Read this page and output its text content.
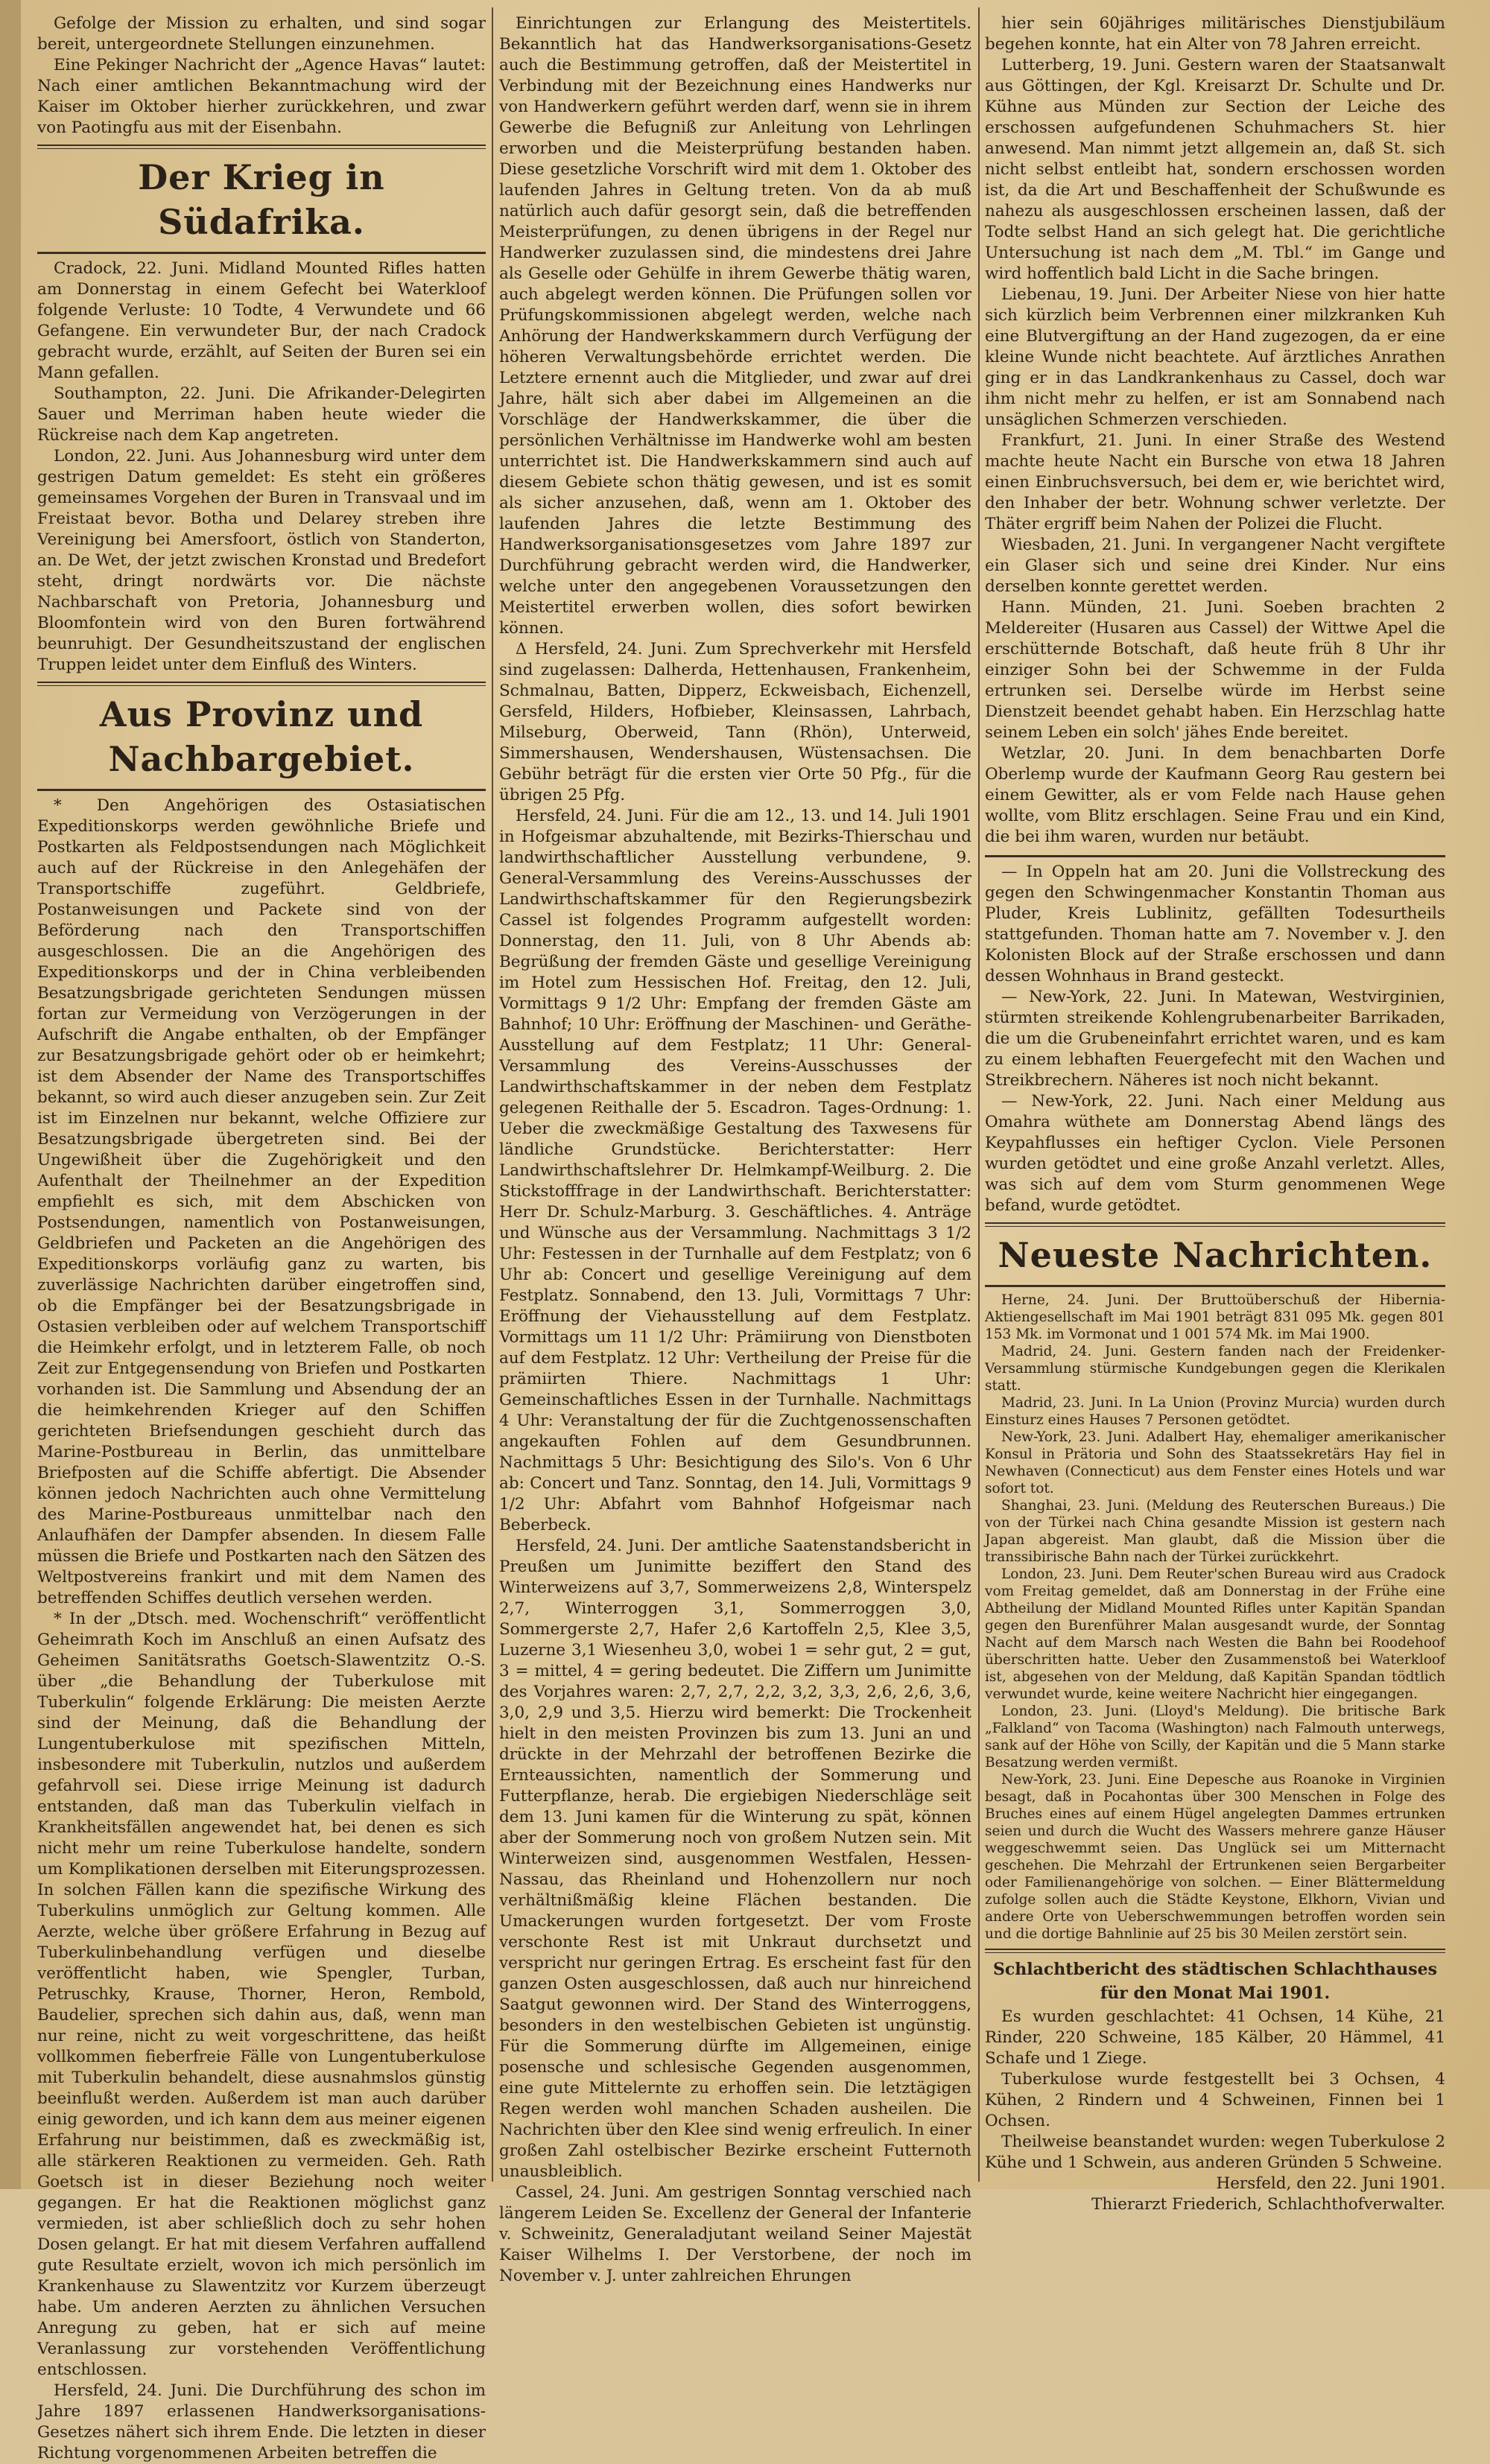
Gefolge der Mission zu erhalten, und sind sogar bereit, untergeordnete Stellungen einzunehmen.

Eine Pekinger Nachricht der „Agence Havas“ lautet: Nach einer amtlichen Bekanntmachung wird der Kaiser im Oktober hierher zurückkehren, und zwar von Paotingfu aus mit der Eisenbahn.

Der Krieg in Südafrika.

Cradock, 22. Juni. Midland Mounted Rifles hatten am Donnerstag in einem Gefecht bei Waterkloof folgende Verluste: 10 Todte, 4 Verwundete und 66 Gefangene. Ein verwundeter Bur, der nach Cradock gebracht wurde, erzählt, auf Seiten der Buren sei ein Mann gefallen.

Southampton, 22. Juni. Die Afrikander-Delegirten Sauer und Merriman haben heute wieder die Rückreise nach dem Kap angetreten.

London, 22. Juni. Aus Johannesburg wird unter dem gestrigen Datum gemeldet: Es steht ein größeres gemeinsames Vorgehen der Buren in Transvaal und im Freistaat bevor. Botha und Delarey streben ihre Vereinigung bei Amersfoort, östlich von Standerton, an. De Wet, der jetzt zwischen Kronstad und Bredefort steht, dringt nordwärts vor. Die nächste Nachbarschaft von Pretoria, Johannesburg und Bloomfontein wird von den Buren fortwährend beunruhigt. Der Gesundheitszustand der englischen Truppen leidet unter dem Einfluß des Winters.

Aus Provinz und Nachbargebiet.

* Den Angehörigen des Ostasiatischen Expeditionskorps werden gewöhnliche Briefe und Postkarten als Feldpostsendungen nach Möglichkeit auch auf der Rückreise in den Anlegehäfen der Transportschiffe zugeführt. Geldbriefe, Postanweisungen und Packete sind von der Beförderung nach den Transportschiffen ausgeschlossen. Die an die Angehörigen des Expeditionskorps und der in China verbleibenden Besatzungsbrigade gerichteten Sendungen müssen fortan zur Vermeidung von Verzögerungen in der Aufschrift die Angabe enthalten, ob der Empfänger zur Besatzungsbrigade gehört oder ob er heimkehrt; ist dem Absender der Name des Transportschiffes bekannt, so wird auch dieser anzugeben sein. Zur Zeit ist im Einzelnen nur bekannt, welche Offiziere zur Besatzungsbrigade übergetreten sind. Bei der Ungewißheit über die Zugehörigkeit und den Aufenthalt der Theilnehmer an der Expedition empfiehlt es sich, mit dem Abschicken von Postsendungen, namentlich von Postanweisungen, Geldbriefen und Packeten an die Angehörigen des Expeditionskorps vorläufig ganz zu warten, bis zuverlässige Nachrichten darüber eingetroffen sind, ob die Empfänger bei der Besatzungsbrigade in Ostasien verbleiben oder auf welchem Transportschiff die Heimkehr erfolgt, und in letzterem Falle, ob noch Zeit zur Entgegensendung von Briefen und Postkarten vorhanden ist. Die Sammlung und Absendung der an die heimkehrenden Krieger auf den Schiffen gerichteten Briefsendungen geschieht durch das Marine-Postbureau in Berlin, das unmittelbare Briefposten auf die Schiffe abfertigt. Die Absender können jedoch Nachrichten auch ohne Vermittelung des Marine-Postbureaus unmittelbar nach den Anlaufhäfen der Dampfer absenden. In diesem Falle müssen die Briefe und Postkarten nach den Sätzen des Weltpostvereins frankirt und mit dem Namen des betreffenden Schiffes deutlich versehen werden.

* In der „Dtsch. med. Wochenschrift“ veröffentlicht Geheimrath Koch im Anschluß an einen Aufsatz des Geheimen Sanitätsraths Goetsch-Slawentzitz O.-S. über „die Behandlung der Tuberkulose mit Tuberkulin“ folgende Erklärung: Die meisten Aerzte sind der Meinung, daß die Behandlung der Lungentuberkulose mit spezifischen Mitteln, insbesondere mit Tuberkulin, nutzlos und außerdem gefahrvoll sei. Diese irrige Meinung ist dadurch entstanden, daß man das Tuberkulin vielfach in Krankheitsfällen angewendet hat, bei denen es sich nicht mehr um reine Tuberkulose handelte, sondern um Komplikationen derselben mit Eiterungsprozessen. In solchen Fällen kann die spezifische Wirkung des Tuberkulins unmöglich zur Geltung kommen. Alle Aerzte, welche über größere Erfahrung in Bezug auf Tuberkulinbehandlung verfügen und dieselbe veröffentlicht haben, wie Spengler, Turban, Petruschky, Krause, Thorner, Heron, Rembold, Baudelier, sprechen sich dahin aus, daß, wenn man nur reine, nicht zu weit vorgeschrittene, das heißt vollkommen fieberfreie Fälle von Lungentuberkulose mit Tuberkulin behandelt, diese ausnahmslos günstig beeinflußt werden. Außerdem ist man auch darüber einig geworden, und ich kann dem aus meiner eigenen Erfahrung nur beistimmen, daß es zweckmäßig ist, alle stärkeren Reaktionen zu vermeiden. Geh. Rath Goetsch ist in dieser Beziehung noch weiter gegangen. Er hat die Reaktionen möglichst ganz vermieden, ist aber schließlich doch zu sehr hohen Dosen gelangt. Er hat mit diesem Verfahren auffallend gute Resultate erzielt, wovon ich mich persönlich im Krankenhause zu Slawentzitz vor Kurzem überzeugt habe. Um anderen Aerzten zu ähnlichen Versuchen Anregung zu geben, hat er sich auf meine Veranlassung zur vorstehenden Veröffentlichung entschlossen.

Hersfeld, 24. Juni. Die Durchführung des schon im Jahre 1897 erlassenen Handwerksorganisations-Gesetzes nähert sich ihrem Ende. Die letzten in dieser Richtung vorgenommenen Arbeiten betreffen die

Einrichtungen zur Erlangung des Meistertitels. Bekanntlich hat das Handwerksorganisations-Gesetz auch die Bestimmung getroffen, daß der Meistertitel in Verbindung mit der Bezeichnung eines Handwerks nur von Handwerkern geführt werden darf, wenn sie in ihrem Gewerbe die Befugniß zur Anleitung von Lehrlingen erworben und die Meisterprüfung bestanden haben. Diese gesetzliche Vorschrift wird mit dem 1. Oktober des laufenden Jahres in Geltung treten. Von da ab muß natürlich auch dafür gesorgt sein, daß die betreffenden Meisterprüfungen, zu denen übrigens in der Regel nur Handwerker zuzulassen sind, die mindestens drei Jahre als Geselle oder Gehülfe in ihrem Gewerbe thätig waren, auch abgelegt werden können. Die Prüfungen sollen vor Prüfungskommissionen abgelegt werden, welche nach Anhörung der Handwerkskammern durch Verfügung der höheren Verwaltungsbehörde errichtet werden. Die Letztere ernennt auch die Mitglieder, und zwar auf drei Jahre, hält sich aber dabei im Allgemeinen an die Vorschläge der Handwerkskammer, die über die persönlichen Verhältnisse im Handwerke wohl am besten unterrichtet ist. Die Handwerkskammern sind auch auf diesem Gebiete schon thätig gewesen, und ist es somit als sicher anzusehen, daß, wenn am 1. Oktober des laufenden Jahres die letzte Bestimmung des Handwerksorganisationsgesetzes vom Jahre 1897 zur Durchführung gebracht werden wird, die Handwerker, welche unter den angegebenen Voraussetzungen den Meistertitel erwerben wollen, dies sofort bewirken können.

Δ Hersfeld, 24. Juni. Zum Sprechverkehr mit Hersfeld sind zugelassen: Dalherda, Hettenhausen, Frankenheim, Schmalnau, Batten, Dipperz, Eckweisbach, Eichenzell, Gersfeld, Hilders, Hofbieber, Kleinsassen, Lahrbach, Milseburg, Oberweid, Tann (Rhön), Unterweid, Simmershausen, Wendershausen, Wüstensachsen. Die Gebühr beträgt für die ersten vier Orte 50 Pfg., für die übrigen 25 Pfg.

Hersfeld, 24. Juni. Für die am 12., 13. und 14. Juli 1901 in Hofgeismar abzuhaltende, mit Bezirks-Thierschau und landwirthschaftlicher Ausstellung verbundene, 9. General-Versammlung des Vereins-Ausschusses der Landwirthschaftskammer für den Regierungsbezirk Cassel ist folgendes Programm aufgestellt worden: Donnerstag, den 11. Juli, von 8 Uhr Abends ab: Begrüßung der fremden Gäste und gesellige Vereinigung im Hotel zum Hessischen Hof. Freitag, den 12. Juli, Vormittags 9 1/2 Uhr: Empfang der fremden Gäste am Bahnhof; 10 Uhr: Eröffnung der Maschinen- und Geräthe-Ausstellung auf dem Festplatz; 11 Uhr: General-Versammlung des Vereins-Ausschusses der Landwirthschaftskammer in der neben dem Festplatz gelegenen Reithalle der 5. Escadron. Tages-Ordnung: 1. Ueber die zweckmäßige Gestaltung des Taxwesens für ländliche Grundstücke. Berichterstatter: Herr Landwirthschaftslehrer Dr. Helmkampf-Weilburg. 2. Die Stickstofffrage in der Landwirthschaft. Berichterstatter: Herr Dr. Schulz-Marburg. 3. Geschäftliches. 4. Anträge und Wünsche aus der Versammlung. Nachmittags 3 1/2 Uhr: Festessen in der Turnhalle auf dem Festplatz; von 6 Uhr ab: Concert und gesellige Vereinigung auf dem Festplatz. Sonnabend, den 13. Juli, Vormittags 7 Uhr: Eröffnung der Viehausstellung auf dem Festplatz. Vormittags um 11 1/2 Uhr: Prämiirung von Dienstboten auf dem Festplatz. 12 Uhr: Vertheilung der Preise für die prämiirten Thiere. Nachmittags 1 Uhr: Gemeinschaftliches Essen in der Turnhalle. Nachmittags 4 Uhr: Veranstaltung der für die Zuchtgenossenschaften angekauften Fohlen auf dem Gesundbrunnen. Nachmittags 5 Uhr: Besichtigung des Silo's. Von 6 Uhr ab: Concert und Tanz. Sonntag, den 14. Juli, Vormittags 9 1/2 Uhr: Abfahrt vom Bahnhof Hofgeismar nach Beberbeck.

Hersfeld, 24. Juni. Der amtliche Saatenstandsbericht in Preußen um Junimitte beziffert den Stand des Winterweizens auf 3,7, Sommerweizens 2,8, Winterspelz 2,7, Winterroggen 3,1, Sommerroggen 3,0, Sommergerste 2,7, Hafer 2,6 Kartoffeln 2,5, Klee 3,5, Luzerne 3,1 Wiesenheu 3,0, wobei 1 = sehr gut, 2 = gut, 3 = mittel, 4 = gering bedeutet. Die Ziffern um Junimitte des Vorjahres waren: 2,7, 2,7, 2,2, 3,2, 3,3, 2,6, 2,6, 3,6, 3,0, 2,9 und 3,5. Hierzu wird bemerkt: Die Trockenheit hielt in den meisten Provinzen bis zum 13. Juni an und drückte in der Mehrzahl der betroffenen Bezirke die Ernteaussichten, namentlich der Sommerung und Futterpflanze, herab. Die ergiebigen Niederschläge seit dem 13. Juni kamen für die Winterung zu spät, können aber der Sommerung noch von großem Nutzen sein. Mit Winterweizen sind, ausgenommen Westfalen, Hessen-Nassau, das Rheinland und Hohenzollern nur noch verhältnißmäßig kleine Flächen bestanden. Die Umackerungen wurden fortgesetzt. Der vom Froste verschonte Rest ist mit Unkraut durchsetzt und verspricht nur geringen Ertrag. Es erscheint fast für den ganzen Osten ausgeschlossen, daß auch nur hinreichend Saatgut gewonnen wird. Der Stand des Winterroggens, besonders in den westelbischen Gebieten ist ungünstig. Für die Sommerung dürfte im Allgemeinen, einige posensche und schlesische Gegenden ausgenommen, eine gute Mittelernte zu erhoffen sein. Die letztägigen Regen werden wohl manchen Schaden ausheilen. Die Nachrichten über den Klee sind wenig erfreulich. In einer großen Zahl ostelbischer Bezirke erscheint Futternoth unausbleiblich.

Cassel, 24. Juni. Am gestrigen Sonntag verschied nach längerem Leiden Se. Excellenz der General der Infanterie v. Schweinitz, Generaladjutant weiland Seiner Majestät Kaiser Wilhelms I. Der Verstorbene, der noch im November v. J. unter zahlreichen Ehrungen

hier sein 60jähriges militärisches Dienstjubiläum begehen konnte, hat ein Alter von 78 Jahren erreicht.

Lutterberg, 19. Juni. Gestern waren der Staatsanwalt aus Göttingen, der Kgl. Kreisarzt Dr. Schulte und Dr. Kühne aus Münden zur Section der Leiche des erschossen aufgefundenen Schuhmachers St. hier anwesend. Man nimmt jetzt allgemein an, daß St. sich nicht selbst entleibt hat, sondern erschossen worden ist, da die Art und Beschaffenheit der Schußwunde es nahezu als ausgeschlossen erscheinen lassen, daß der Todte selbst Hand an sich gelegt hat. Die gerichtliche Untersuchung ist nach dem „M. Tbl.“ im Gange und wird hoffentlich bald Licht in die Sache bringen.

Liebenau, 19. Juni. Der Arbeiter Niese von hier hatte sich kürzlich beim Verbrennen einer milzkranken Kuh eine Blutvergiftung an der Hand zugezogen, da er eine kleine Wunde nicht beachtete. Auf ärztliches Anrathen ging er in das Landkrankenhaus zu Cassel, doch war ihm nicht mehr zu helfen, er ist am Sonnabend nach unsäglichen Schmerzen verschieden.

Frankfurt, 21. Juni. In einer Straße des Westend machte heute Nacht ein Bursche von etwa 18 Jahren einen Einbruchsversuch, bei dem er, wie berichtet wird, den Inhaber der betr. Wohnung schwer verletzte. Der Thäter ergriff beim Nahen der Polizei die Flucht.

Wiesbaden, 21. Juni. In vergangener Nacht vergiftete ein Glaser sich und seine drei Kinder. Nur eins derselben konnte gerettet werden.

Hann. Münden, 21. Juni. Soeben brachten 2 Meldereiter (Husaren aus Cassel) der Wittwe Apel die erschütternde Botschaft, daß heute früh 8 Uhr ihr einziger Sohn bei der Schwemme in der Fulda ertrunken sei. Derselbe würde im Herbst seine Dienstzeit beendet gehabt haben. Ein Herzschlag hatte seinem Leben ein solch' jähes Ende bereitet.

Wetzlar, 20. Juni. In dem benachbarten Dorfe Oberlemp wurde der Kaufmann Georg Rau gestern bei einem Gewitter, als er vom Felde nach Hause gehen wollte, vom Blitz erschlagen. Seine Frau und ein Kind, die bei ihm waren, wurden nur betäubt.

— In Oppeln hat am 20. Juni die Vollstreckung des gegen den Schwingenmacher Konstantin Thoman aus Pluder, Kreis Lublinitz, gefällten Todesurtheils stattgefunden. Thoman hatte am 7. November v. J. den Kolonisten Block auf der Straße erschossen und dann dessen Wohnhaus in Brand gesteckt.

— New-York, 22. Juni. In Matewan, Westvirginien, stürmten streikende Kohlengrubenarbeiter Barrikaden, die um die Grubeneinfahrt errichtet waren, und es kam zu einem lebhaften Feuergefecht mit den Wachen und Streikbrechern. Näheres ist noch nicht bekannt.

— New-York, 22. Juni. Nach einer Meldung aus Omahra wüthete am Donnerstag Abend längs des Keypahflusses ein heftiger Cyclon. Viele Personen wurden getödtet und eine große Anzahl verletzt. Alles, was sich auf dem vom Sturm genommenen Wege befand, wurde getödtet.

Neueste Nachrichten.

Herne, 24. Juni. Der Bruttoüberschuß der Hibernia-Aktiengesellschaft im Mai 1901 beträgt 831 095 Mk. gegen 801 153 Mk. im Vormonat und 1 001 574 Mk. im Mai 1900.

Madrid, 24. Juni. Gestern fanden nach der Freidenker-Versammlung stürmische Kundgebungen gegen die Klerikalen statt.

Madrid, 23. Juni. In La Union (Provinz Murcia) wurden durch Einsturz eines Hauses 7 Personen getödtet.

New-York, 23. Juni. Adalbert Hay, ehemaliger amerikanischer Konsul in Prätoria und Sohn des Staatssekretärs Hay fiel in Newhaven (Connecticut) aus dem Fenster eines Hotels und war sofort tot.

Shanghai, 23. Juni. (Meldung des Reuterschen Bureaus.) Die von der Türkei nach China gesandte Mission ist gestern nach Japan abgereist. Man glaubt, daß die Mission über die transsibirische Bahn nach der Türkei zurückkehrt.

London, 23. Juni. Dem Reuter'schen Bureau wird aus Cradock vom Freitag gemeldet, daß am Donnerstag in der Frühe eine Abtheilung der Midland Mounted Rifles unter Kapitän Spandan gegen den Burenführer Malan ausgesandt wurde, der Sonntag Nacht auf dem Marsch nach Westen die Bahn bei Roodehoof überschritten hatte. Ueber den Zusammenstoß bei Waterkloof ist, abgesehen von der Meldung, daß Kapitän Spandan tödtlich verwundet wurde, keine weitere Nachricht hier eingegangen.

London, 23. Juni. (Lloyd's Meldung). Die britische Bark „Falkland“ von Tacoma (Washington) nach Falmouth unterwegs, sank auf der Höhe von Scilly, der Kapitän und die 5 Mann starke Besatzung werden vermißt.

New-York, 23. Juni. Eine Depesche aus Roanoke in Virginien besagt, daß in Pocahontas über 300 Menschen in Folge des Bruches eines auf einem Hügel angelegten Dammes ertrunken seien und durch die Wucht des Wassers mehrere ganze Häuser weggeschwemmt seien. Das Unglück sei um Mitternacht geschehen. Die Mehrzahl der Ertrunkenen seien Bergarbeiter oder Familienangehörige von solchen. — Einer Blättermeldung zufolge sollen auch die Städte Keystone, Elkhorn, Vivian und andere Orte von Ueberschwemmungen betroffen worden sein und die dortige Bahnlinie auf 25 bis 30 Meilen zerstört sein.

Schlachtbericht des städtischen Schlachthauses
für den Monat Mai 1901.

Es wurden geschlachtet: 41 Ochsen, 14 Kühe, 21 Rinder, 220 Schweine, 185 Kälber, 20 Hämmel, 41 Schafe und 1 Ziege.

Tuberkulose wurde festgestellt bei 3 Ochsen, 4 Kühen, 2 Rindern und 4 Schweinen, Finnen bei 1 Ochsen.

Theilweise beanstandet wurden: wegen Tuberkulose 2 Kühe und 1 Schwein, aus anderen Gründen 5 Schweine.

Hersfeld, den 22. Juni 1901.
Thierarzt Friederich, Schlachthofverwalter.
